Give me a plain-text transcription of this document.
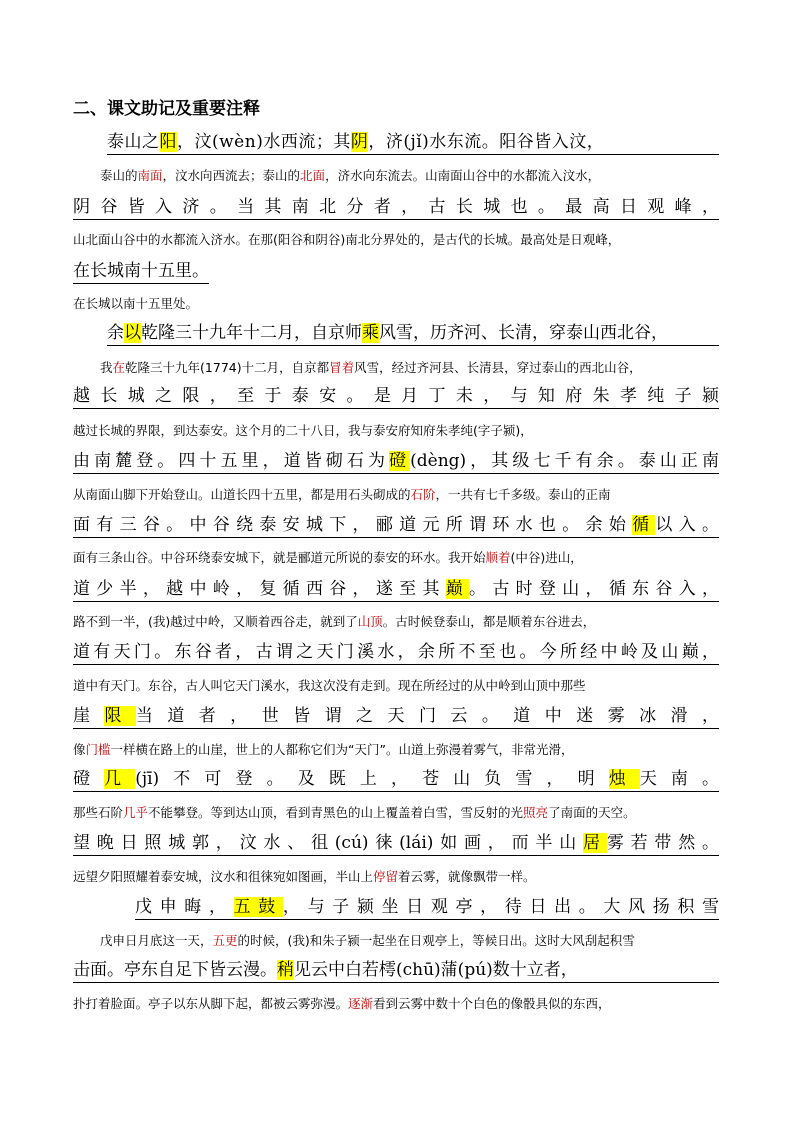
二、课文助记及重要注释
泰山之阳，汶(wèn)水西流；其阴，济(jǐ)水东流。阳谷皆入汶，
泰山的南面，汶水向西流去；泰山的北面，济水向东流去。山南面山谷中的水都流入汶水，
阴谷皆入济。当其南北分者，古长城也。最高日观峰，
山北面山谷中的水都流入济水。在那(阳谷和阴谷)南北分界处的，是古代的长城。最高处是日观峰，
在长城南十五里。
在长城以南十五里处。
余以乾隆三十九年十二月，自京师乘风雪，历齐河、长清，穿泰山西北谷，
我在乾隆三十九年(1774)十二月，自京都冒着风雪，经过齐河县、长清县，穿过泰山的西北山谷，
越长城之限，至于泰安。是月丁未，与知府朱孝纯子颍
越过长城的界限，到达泰安。这个月的二十八日，我与泰安府知府朱孝纯(字子颍)，
由南麓登。四十五里，道皆砌石为磴(dèng)，其级七千有余。泰山正南
从南面山脚下开始登山。山道长四十五里，都是用石头砌成的石阶，一共有七千多级。泰山的正南
面有三谷。中谷绕泰安城下，郦道元所谓环水也。余始循以入。
面有三条山谷。中谷环绕泰安城下，就是郦道元所说的泰安的环水。我开始顺着(中谷)进山，
道少半，越中岭，复循西谷，遂至其巅。古时登山，循东谷入，
路不到一半，(我)越过中岭，又顺着西谷走，就到了山顶。古时候登泰山，都是顺着东谷进去，
道有天门。东谷者，古谓之天门溪水，余所不至也。今所经中岭及山巅，
道中有天门。东谷，古人叫它天门溪水，我这次没有走到。现在所经过的从中岭到山顶中那些
崖限当道者，世皆谓之天门云。道中迷雾冰滑，
像门槛一样横在路上的山崖，世上的人都称它们为“天门”。山道上弥漫着雾气，非常光滑，
磴几(jī)不可登。及既上，苍山负雪，明烛天南。
那些石阶几乎不能攀登。等到达山顶，看到青黑色的山上覆盖着白雪，雪反射的光照亮了南面的天空。
望晚日照城郭，汶水、徂(cú)徕(lái)如画，而半山居雾若带然。
远望夕阳照耀着泰安城，汶水和徂徕宛如图画，半山上停留着云雾，就像飘带一样。
戊申晦，五鼓，与子颍坐日观亭，待日出。大风扬积雪
戊申日月底这一天，五更的时候，(我)和朱子颍一起坐在日观亭上，等候日出。这时大风刮起积雪
击面。亭东自足下皆云漫。稍见云中白若樗(chū)蒲(pú)数十立者，
扑打着脸面。亭子以东从脚下起，都被云雾弥漫。逐渐看到云雾中数十个白色的像骰具似的东西，
